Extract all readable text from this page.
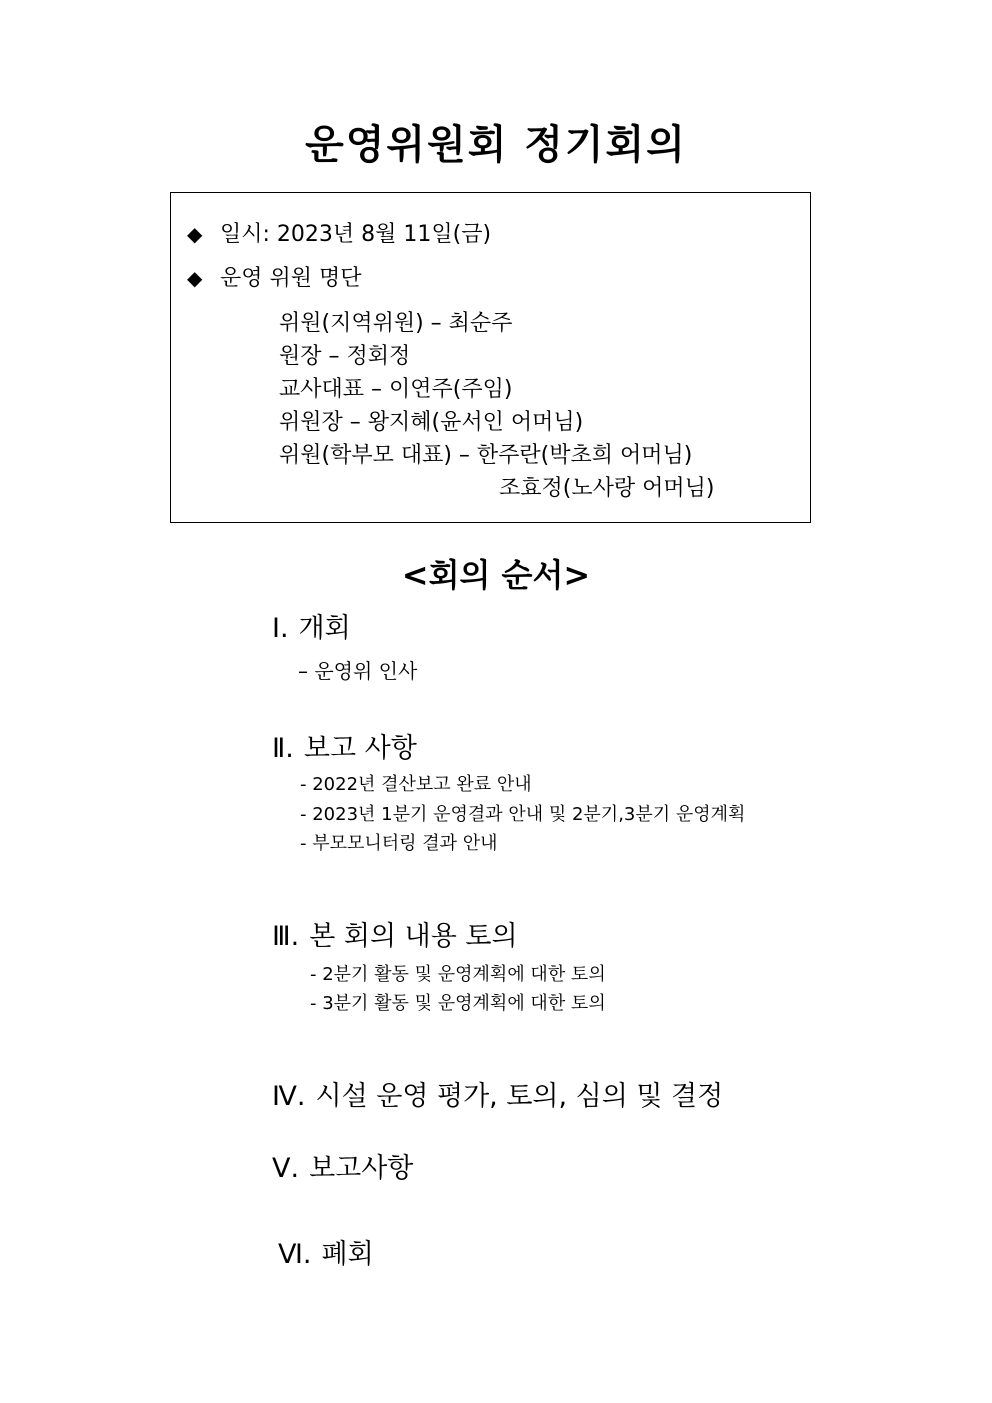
운영위원회 정기회의
◆ 일시: 2023년 8월 11일(금)
◆ 운영 위원 명단
위원(지역위원) – 최순주
원장 – 정회정
교사대표 – 이연주(주임)
위원장 – 왕지혜(윤서인 어머님)
위원(학부모 대표) – 한주란(박초희 어머님)
조효정(노사랑 어머님)
<회의 순서>
Ⅰ. 개회
– 운영위 인사
Ⅱ. 보고 사항
- 2022년 결산보고 완료 안내
- 2023년 1분기 운영결과 안내 및 2분기,3분기 운영계획
- 부모모니터링 결과 안내
Ⅲ. 본 회의 내용 토의
- 2분기 활동 및 운영계획에 대한 토의
- 3분기 활동 및 운영계획에 대한 토의
Ⅳ. 시설 운영 평가, 토의, 심의 및 결정
Ⅴ. 보고사항
Ⅵ. 폐회
